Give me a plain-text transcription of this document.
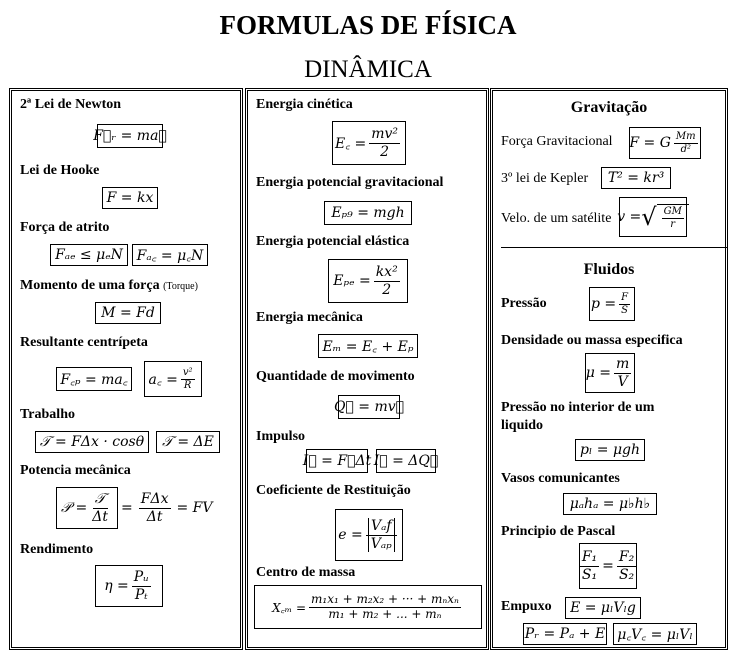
FORMULAS DE FÍSICA
DINÂMICA
2ª Lei de Newton
F⃗ᵣ = ma⃗
Lei de Hooke
F = kx
Força de atrito
Fₐₑ ≤ μₑN Fₐ꜀ = μ꜀N
Momento de uma força (Torque)
M = Fd
Resultante centrípeta
F꜀ₚ = ma꜀	a꜀ = $\frac{\text{v²}}{R}$
Trabalho
𝒯 = FΔx · cosθ	𝒯 = ΔE
Potencia mecânica
𝒫 = $\frac{\text{𝒯}}{\Delta t} = \frac{\text{FΔx}}{\Delta t}$ = FV
Rendimento
$\eta = \frac{\text{Pᵤ}}{\text{Pₜ}}$
Energia cinética
E꜀ = $\frac{\text{mv²}}{2}$
Energia potencial gravitacional
Eₚ₉ = mgh
Energia potencial elástica
$E_{pe} = \frac{\text{kx²}}{2}$
Energia mecânica
Eₘ = E꜀ + Eₚ
Quantidade de movimento
Q⃗ = mv⃗
Impulso
I⃗ = F⃗Δt I⃗ = ΔQ⃗
Coeficiente de Restituição
$e = \frac{\text{Vₐf}}{\text{Vₐₚ}}$
Centro de massa
X꜀ₘ = $\frac{\text{m₁x₁ + m₂x₂ + ··· + mₙxₙ}}{\text{m₁ + m₂ + ... + mₙ}}$
Gravitação
Força Gravitacional F = G $\frac{Mm}{\text{d²}}$
3º lei de Kepler	T² = kr³
Velo. de um satélite v = √ $\frac{GM}{r}$
Fluidos
Pressão	$p = \frac{F}{S}$
Densidade ou massa especifica
$\mu = \frac{m}{V}$
Pressão no interior de um
liquido
pₗ = μgh
Vasos comunicantes
μₐhₐ = μ♭h♭
Principio de Pascal
$\frac{\text{F₁}}{\text{S₁}} = \frac{\text{F₂}}{\text{S₂}}$
Empuxo	E = μₗVₗg
Pᵣ = Pₐ + E μ꜀V꜀ = μₗVₗ
